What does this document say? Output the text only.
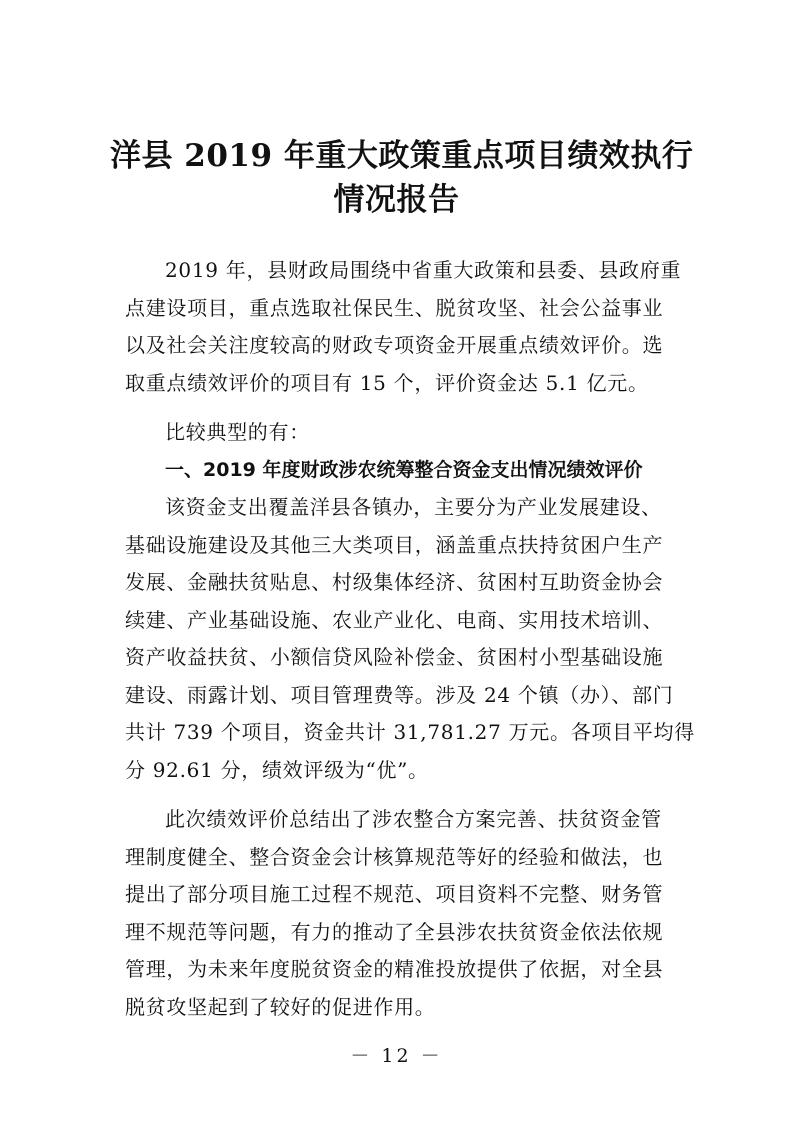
洋县 2019 年重大政策重点项目绩效执行
情况报告
2019 年，县财政局围绕中省重大政策和县委、县政府重
点建设项目，重点选取社保民生、脱贫攻坚、社会公益事业
以及社会关注度较高的财政专项资金开展重点绩效评价。选
取重点绩效评价的项目有 15 个，评价资金达 5.1 亿元。
比较典型的有：
一、2019 年度财政涉农统筹整合资金支出情况绩效评价
该资金支出覆盖洋县各镇办，主要分为产业发展建设、
基础设施建设及其他三大类项目，涵盖重点扶持贫困户生产
发展、金融扶贫贴息、村级集体经济、贫困村互助资金协会
续建、产业基础设施、农业产业化、电商、实用技术培训、
资产收益扶贫、小额信贷风险补偿金、贫困村小型基础设施
建设、雨露计划、项目管理费等。涉及 24 个镇（办）、部门
共计 739 个项目，资金共计 31,781.27 万元。各项目平均得
分 92.61 分，绩效评级为“优”。
此次绩效评价总结出了涉农整合方案完善、扶贫资金管
理制度健全、整合资金会计核算规范等好的经验和做法，也
提出了部分项目施工过程不规范、项目资料不完整、财务管
理不规范等问题，有力的推动了全县涉农扶贫资金依法依规
管理，为未来年度脱贫资金的精准投放提供了依据，对全县
脱贫攻坚起到了较好的促进作用。
－ 12 －
